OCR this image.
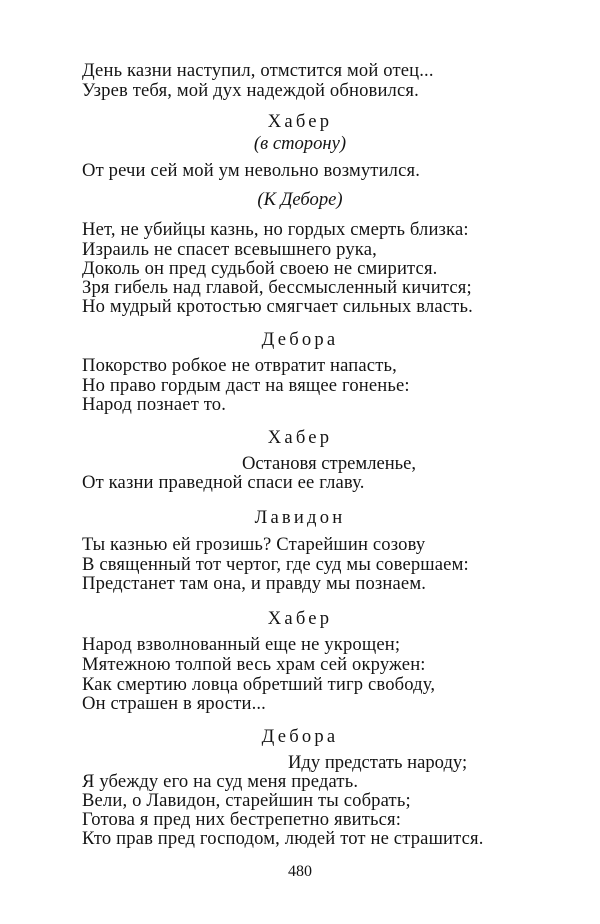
День казни наступил, отмстится мой отец...
Узрев тебя, мой дух надеждой обновился.
Хабер
(в сторону)
От речи сей мой ум невольно возмутился.
(К Деборе)
Нет, не убийцы казнь, но гордых смерть близка:
Израиль не спасет всевышнего рука,
Доколь он пред судьбой своею не смирится.
Зря гибель над главой, бессмысленный кичится;
Но мудрый кротостью смягчает сильных власть.
Дебора
Покорство робкое не отвратит напасть,
Но право гордым даст на вящее гоненье:
Народ познает то.
Хабер
Остановя стремленье,
От казни праведной спаси ее главу.
Лавидон
Ты казнью ей грозишь? Старейшин созову
В священный тот чертог, где суд мы совершаем:
Предстанет там она, и правду мы познаем.
Хабер
Народ взволнованный еще не укрощен;
Мятежною толпой весь храм сей окружен:
Как смертию ловца обретший тигр свободу,
Он страшен в ярости...
Дебора
Иду предстать народу;
Я убежду его на суд меня предать.
Вели, о Лавидон, старейшин ты собрать;
Готова я пред них бестрепетно явиться:
Кто прав пред господом, людей тот не страшится.
480
